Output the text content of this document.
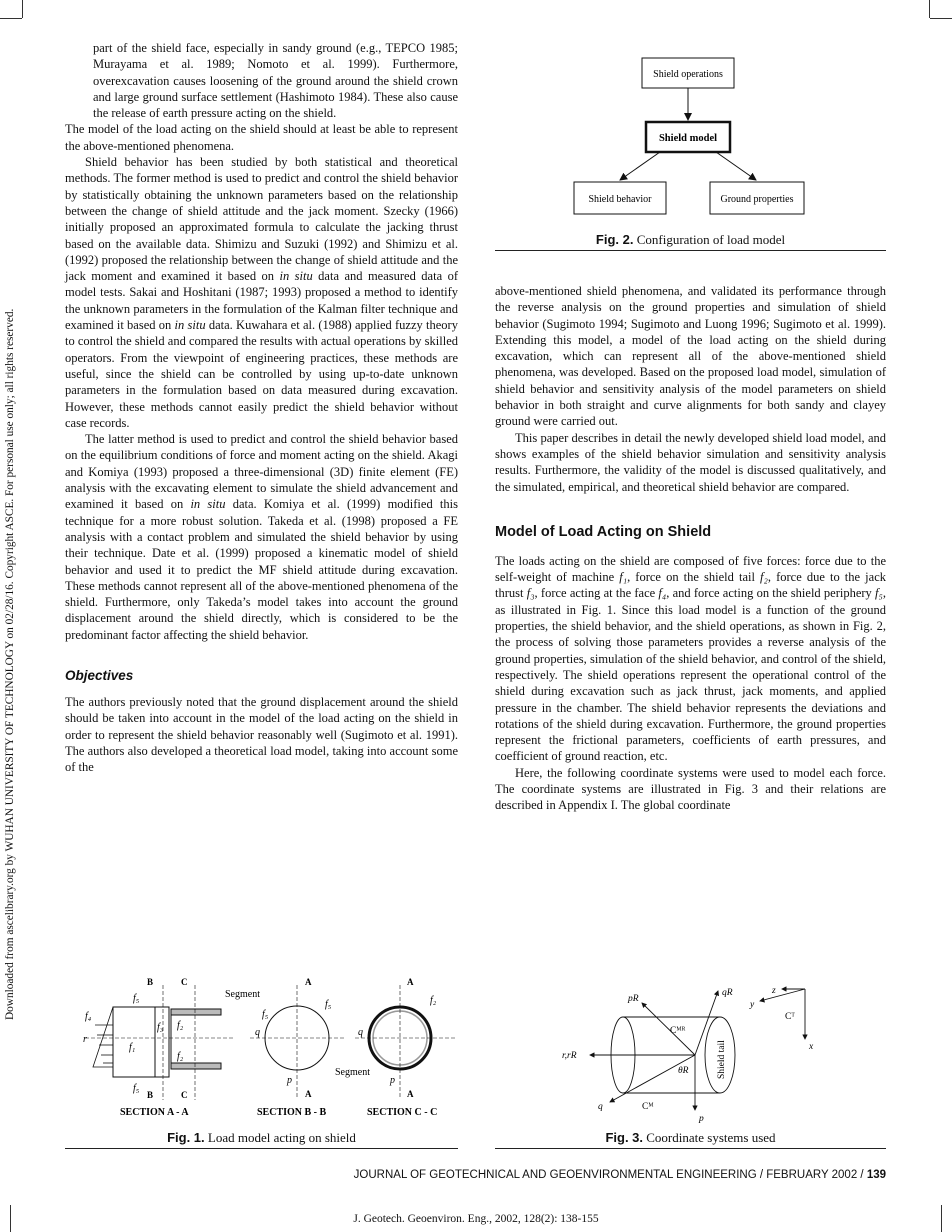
Downloaded from ascelibrary.org by WUHAN UNIVERSITY OF TECHNOLOGY on 02/28/16. Copyright ASCE. For personal use only; all rights reserved.

part of the shield face, especially in sandy ground (e.g., TEPCO 1985; Murayama et al. 1989; Nomoto et al. 1999). Furthermore, overexcavation causes loosening of the ground around the shield crown and large ground surface settlement (Hashimoto 1984). These also cause the release of earth pressure acting on the shield.

The model of the load acting on the shield should at least be able to represent the above-mentioned phenomena.

Shield behavior has been studied by both statistical and theoretical methods. The former method is used to predict and control the shield behavior by statistically obtaining the unknown parameters based on the relationship between the change of shield attitude and the jack moment. Szecky (1966) initially proposed an approximated formula to calculate the jacking thrust based on the available data. Shimizu and Suzuki (1992) and Shimizu et al. (1992) proposed the relationship between the change of shield attitude and the jack moment and examined it based on in situ data and measured data of model tests. Sakai and Hoshitani (1987; 1993) proposed a method to identify the unknown parameters in the formulation of the Kalman filter technique and examined it based on in situ data. Kuwahara et al. (1988) applied fuzzy theory to control the shield and compared the results with actual operations by skilled operators. From the viewpoint of engineering practices, these methods are useful, since the shield can be controlled by using up-to-date unknown parameters in the formulation based on data measured during excavation. However, these methods cannot easily predict the shield behavior without case records.

The latter method is used to predict and control the shield behavior based on the equilibrium conditions of force and moment acting on the shield. Akagi and Komiya (1993) proposed a three-dimensional (3D) finite element (FE) analysis with the excavating element to simulate the shield advancement and examined it based on in situ data. Komiya et al. (1999) modified this technique for a more robust solution. Takeda et al. (1998) proposed a FE analysis with a contact problem and simulated the shield behavior by using their technique. Date et al. (1999) proposed a kinematic model of shield behavior and used it to predict the MF shield attitude during excavation. These methods cannot represent all of the above-mentioned phenomena of the shield. Furthermore, only Takeda’s model takes into account the ground displacement around the shield directly, which is considered to be the predominant factor affecting the shield behavior.

Objectives

The authors previously noted that the ground displacement around the shield should be taken into account in the model of the load acting on the shield in order to represent the shield behavior reasonably well (Sugimoto et al. 1991). The authors also developed a theoretical load model, taking into account some of the

Shield operations
Shield model
Shield behavior	Ground properties
Fig. 2. Configuration of load model

above-mentioned shield phenomena, and validated its performance through the reverse analysis on the ground properties and simulation of shield behavior (Sugimoto 1994; Sugimoto and Luong 1996; Sugimoto et al. 1999). Extending this model, a model of the load acting on the shield during excavation, which can represent all of the above-mentioned shield phenomena, was developed. Based on the proposed load model, simulation of shield behavior and sensitivity analysis of the model parameters on shield behavior in both straight and curve alignments for both sandy and clayey ground were carried out.

This paper describes in detail the newly developed shield load model, and shows examples of the shield behavior simulation and sensitivity analysis results. Furthermore, the validity of the model is discussed qualitatively, and the simulated, empirical, and theoretical shield behavior are compared.

Model of Load Acting on Shield

The loads acting on the shield are composed of five forces: force due to the self-weight of machine f₁, force on the shield tail f₂, force due to the jack thrust f₃, force acting at the face f₄, and force acting on the shield periphery f₅, as illustrated in Fig. 1. Since this load model is a function of the ground properties, the shield behavior, and the shield operations, as shown in Fig. 2, the process of solving those parameters provides a reverse analysis of the ground properties, simulation of the shield behavior, and control of the shield, respectively. The shield operations represent the operational control of the shield during excavation such as jack thrust, jack moments, and applied pressure in the chamber. The shield behavior represents the deviations and rotations of the shield during excavation. Furthermore, the ground properties represent the frictional parameters, coefficients of earth pressures, and coefficient of ground reaction, etc.

Here, the following coordinate systems were used to model each force. The coordinate systems are illustrated in Fig. 3 and their relations are described in Appendix I. The global coordinate

r
f₄
f₁
f₅
f₅
f₃ f₂
f₂
f₅
f₅
q
p
f₂
q
p
B	C
B	C
A
A
A
A
Segment
Segment
SECTION A - A	SECTION B - B	SECTION C - C
Fig. 1. Load model acting on shield
pR
qR
r,rR
q
p
θR
x
y
z
Cᴹᴿ
Cᴹ
Cᵀ
Shield tail
Fig. 3. Coordinate systems used
JOURNAL OF GEOTECHNICAL AND GEOENVIRONMENTAL ENGINEERING / FEBRUARY 2002 / 139
J. Geotech. Geoenviron. Eng., 2002, 128(2): 138-155
